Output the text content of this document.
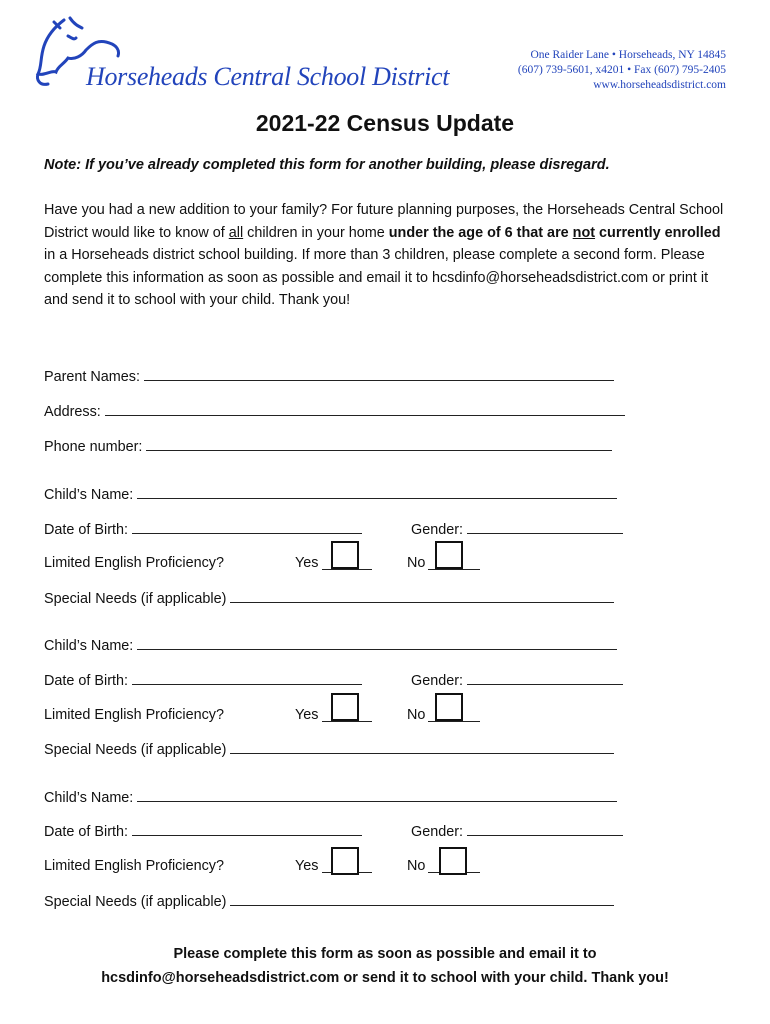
Horseheads Central School District
One Raider Lane • Horseheads, NY 14845
(607) 739-5601, x4201 • Fax (607) 795-2405
www.horseheadsdistrict.com
2021-22 Census Update
Note: If you’ve already completed this form for another building, please disregard.
Have you had a new addition to your family? For future planning purposes, the Horseheads Central School District would like to know of all children in your home under the age of 6 that are not currently enrolled in a Horseheads district school building. If more than 3 children, please complete a second form. Please complete this information as soon as possible and email it to hcsdinfo@horseheadsdistrict.com or print it and send it to school with your child. Thank you!
Parent Names:
Address:
Phone number:
Child’s Name:
Date of Birth:	Gender:
Limited English Proficiency?	Yes	No
Special Needs (if applicable)
Child’s Name:
Date of Birth:	Gender:
Limited English Proficiency?	Yes	No
Special Needs (if applicable)
Child’s Name:
Date of Birth:	Gender:
Limited English Proficiency?	Yes	No
Special Needs (if applicable)
Please complete this form as soon as possible and email it to
hcsdinfo@horseheadsdistrict.com or send it to school with your child. Thank you!
